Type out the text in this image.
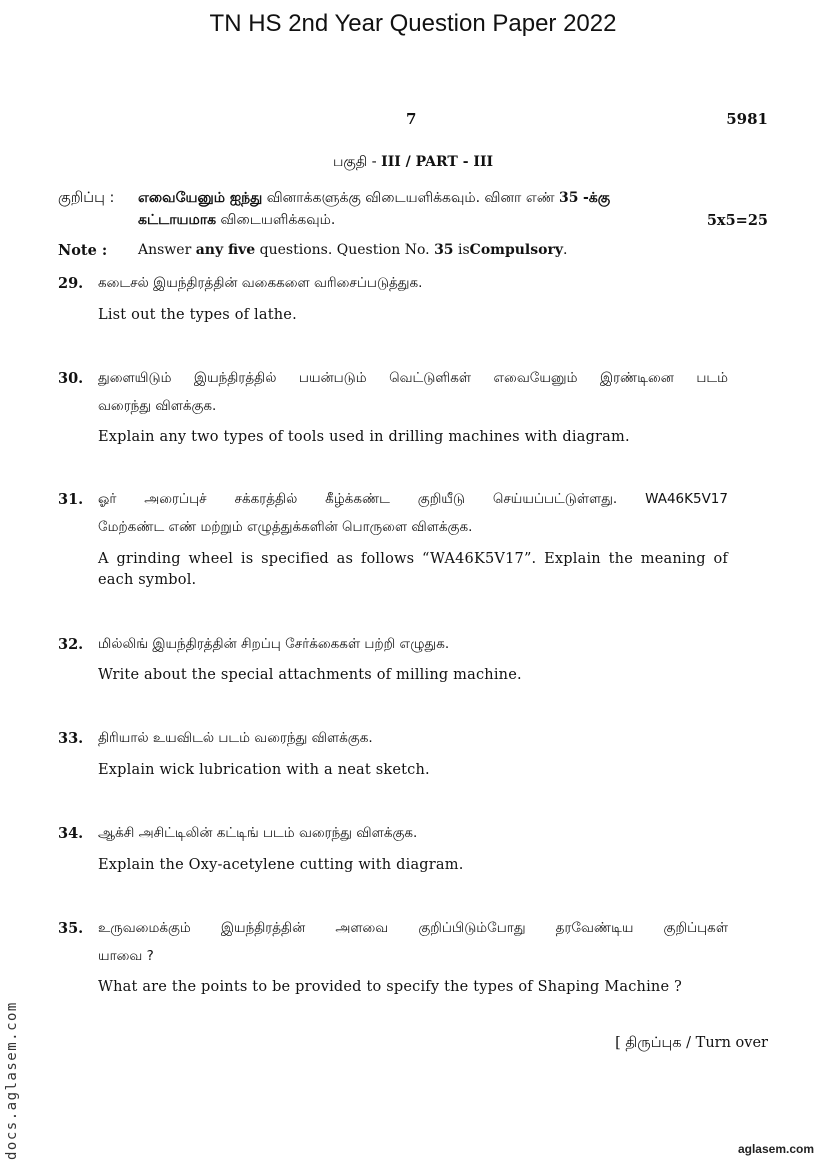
TN HS 2nd Year Question Paper 2022
7	5981
பகுதி - III / PART - III
குறிப்பு : எவையேனும் ஐந்து வினாக்களுக்கு விடையளிக்கவும். வினா எண் 35 -க்கு
கட்டாயமாக விடையளிக்கவும்.	5x5=25
Note : Answer any five questions. Question No. 35 isCompulsory.
29. கடைசல் இயந்திரத்தின் வகைகளை வரிசைப்படுத்துக.
List out the types of lathe.
30. துளையிடும் இயந்திரத்தில் பயன்படும் வெட்டுளிகள் எவையேனும் இரண்டினை படம்
வரைந்து விளக்குக.
Explain any two types of tools used in drilling machines with diagram.
31. ஓர் அரைப்புச் சக்கரத்தில் கீழ்க்கண்ட குறியீடு செய்யப்பட்டுள்ளது. WA46K5V17
மேற்கண்ட எண் மற்றும் எழுத்துக்களின் பொருளை விளக்குக.
A grinding wheel is specified as follows “WA46K5V17”. Explain the meaning of
each symbol.
32. மில்லிங் இயந்திரத்தின் சிறப்பு சேர்க்கைகள் பற்றி எழுதுக.
Write about the special attachments of milling machine.
33. திரியால் உயவிடல் படம் வரைந்து விளக்குக.
Explain wick lubrication with a neat sketch.
34. ஆக்சி அசிட்டிலின் கட்டிங் படம் வரைந்து விளக்குக.
Explain the Oxy-acetylene cutting with diagram.
35. உருவமைக்கும் இயந்திரத்தின் அளவை குறிப்பிடும்போது தரவேண்டிய குறிப்புகள்
யாவை ?
What are the points to be provided to specify the types of Shaping Machine ?
[ திருப்புக / Turn over
docs.aglasem.com	aglasem.com
